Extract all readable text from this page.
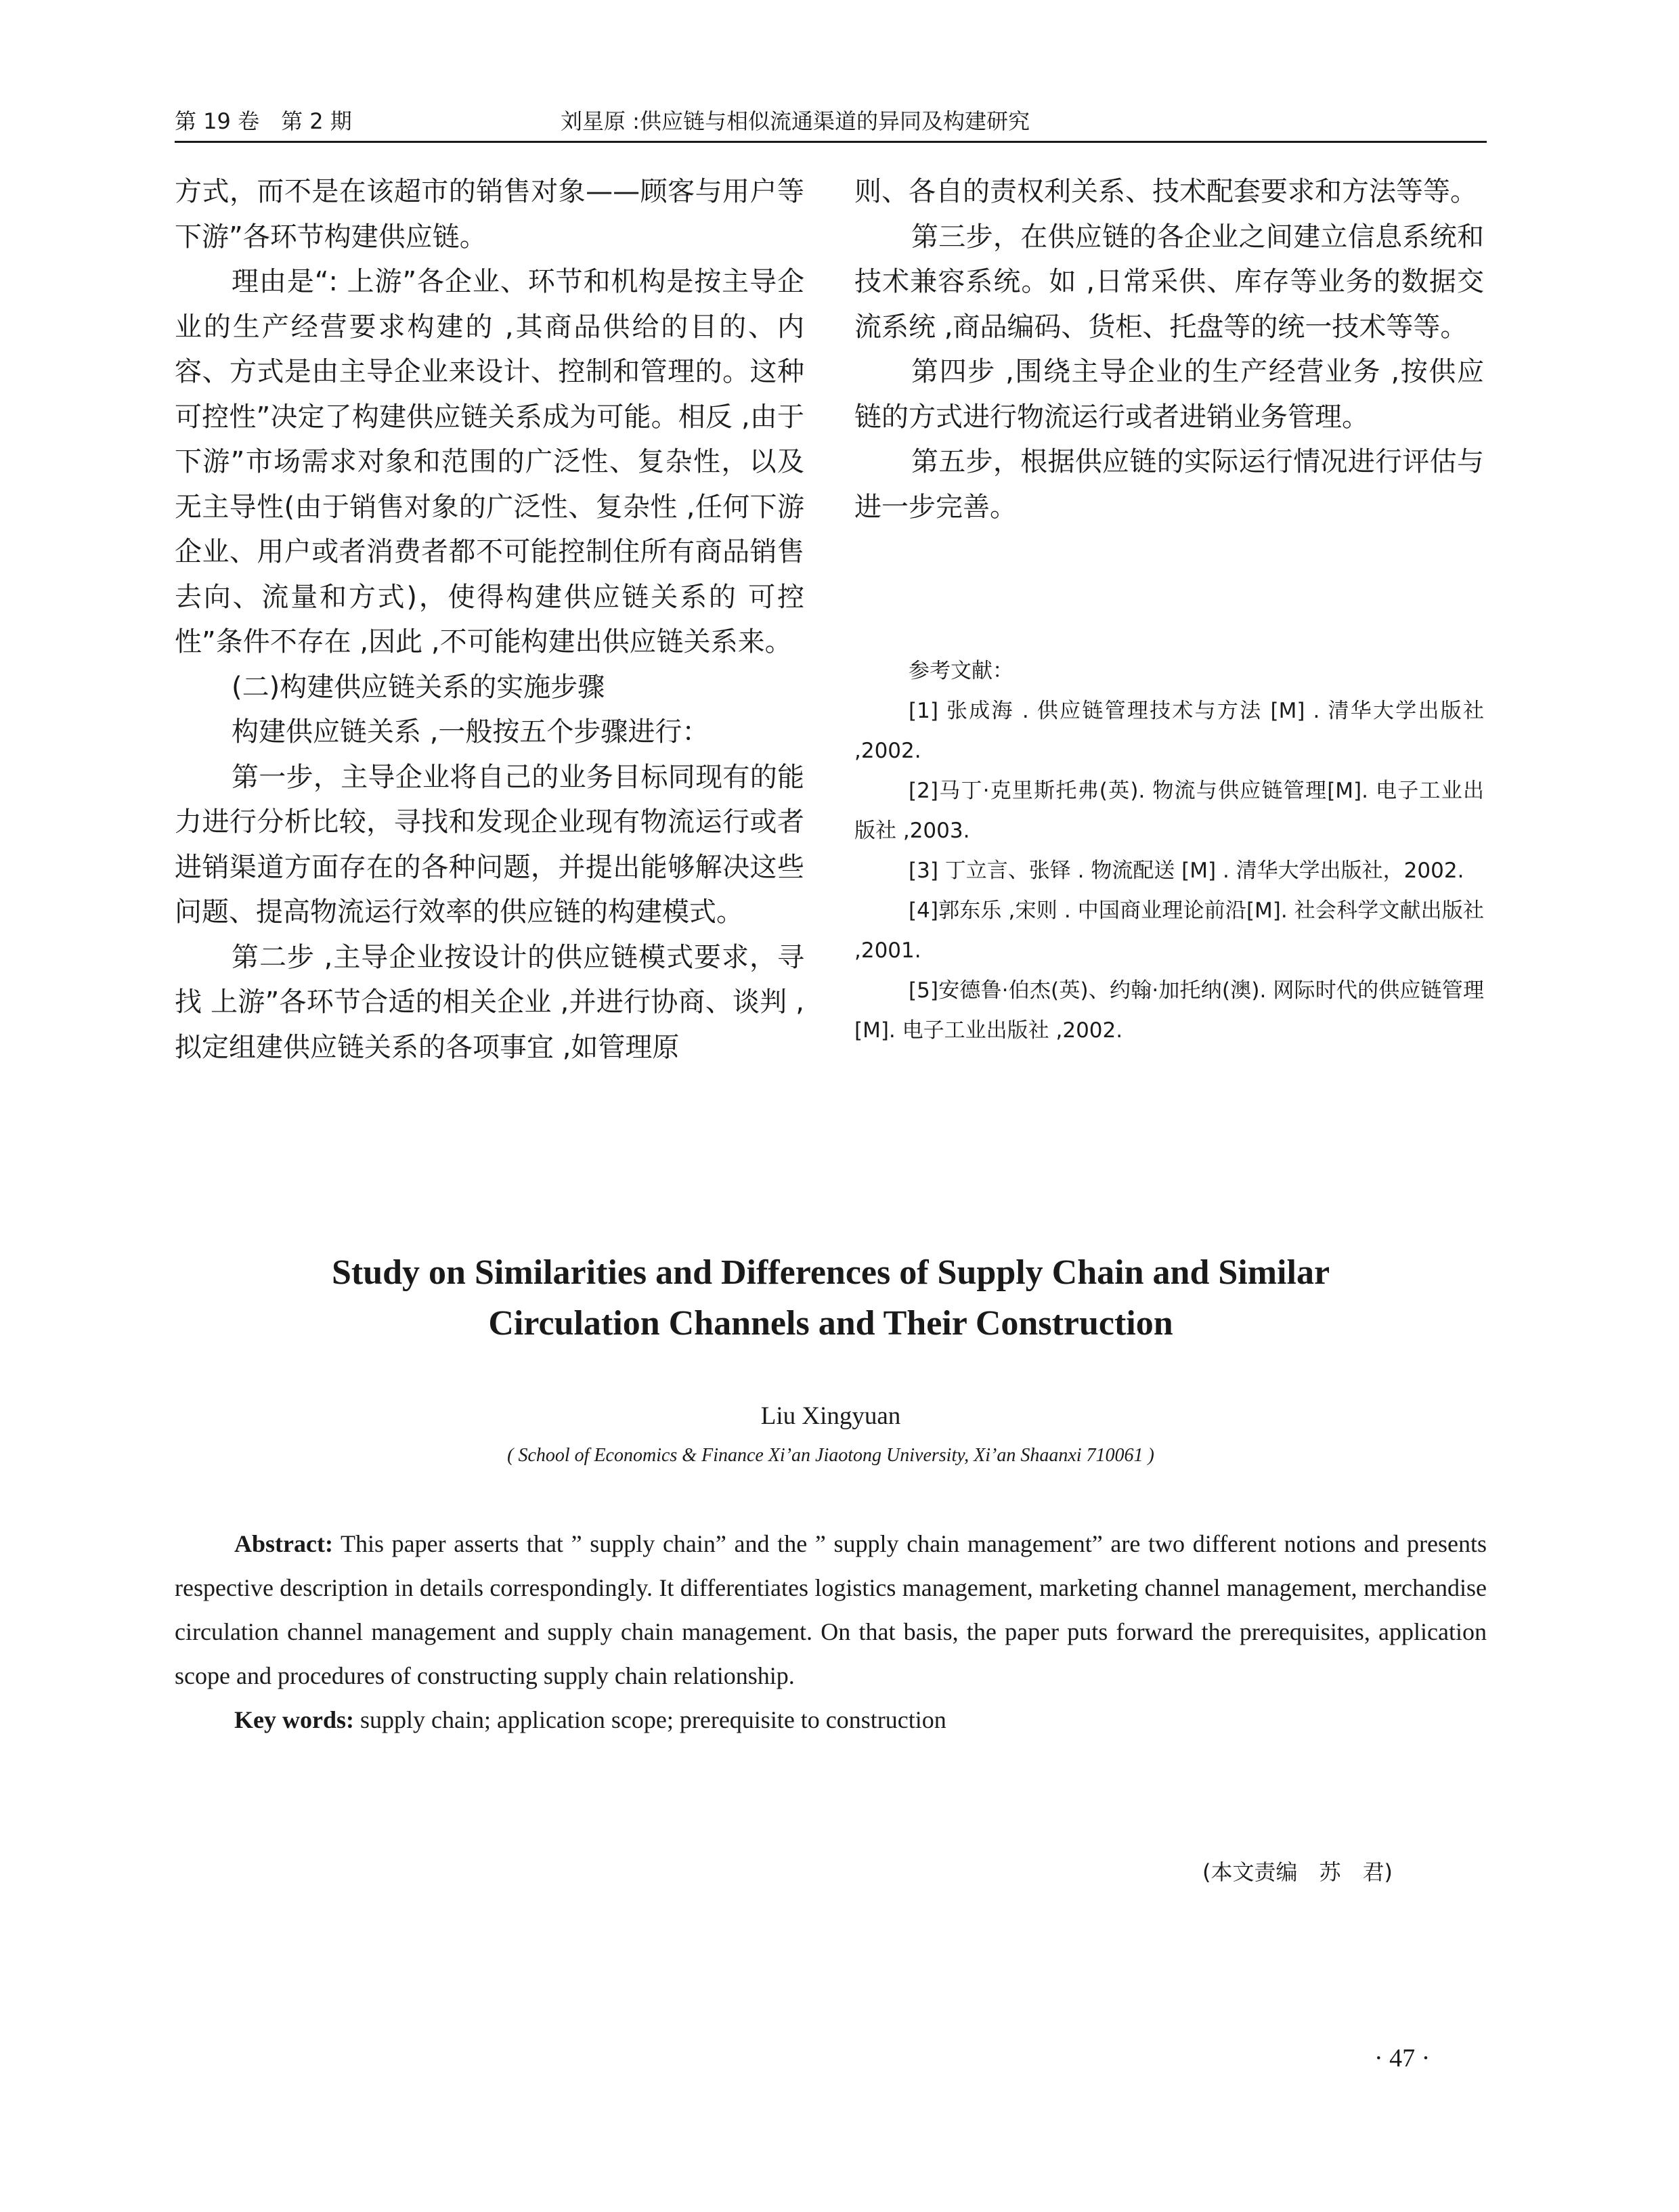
第 19 卷　第 2 期	刘星原 :供应链与相似流通渠道的异同及构建研究

方式，而不是在该超市的销售对象——顾客与用户等 下游”各环节构建供应链。

理由是“: 上游”各企业、环节和机构是按主导企业的生产经营要求构建的 ,其商品供给的目的、内容、方式是由主导企业来设计、控制和管理的。这种 可控性”决定了构建供应链关系成为可能。相反 ,由于 下游”市场需求对象和范围的广泛性、复杂性，以及无主导性(由于销售对象的广泛性、复杂性 ,任何下游企业、用户或者消费者都不可能控制住所有商品销售去向、流量和方式)，使得构建供应链关系的 可控性”条件不存在 ,因此 ,不可能构建出供应链关系来。

(二)构建供应链关系的实施步骤

构建供应链关系 ,一般按五个步骤进行：

第一步，主导企业将自己的业务目标同现有的能力进行分析比较，寻找和发现企业现有物流运行或者进销渠道方面存在的各种问题，并提出能够解决这些问题、提高物流运行效率的供应链的构建模式。

第二步 ,主导企业按设计的供应链模式要求，寻找 上游”各环节合适的相关企业 ,并进行协商、谈判 ,拟定组建供应链关系的各项事宜 ,如管理原

则、各自的责权利关系、技术配套要求和方法等等。

第三步，在供应链的各企业之间建立信息系统和技术兼容系统。如 ,日常采供、库存等业务的数据交流系统 ,商品编码、货柜、托盘等的统一技术等等。

第四步 ,围绕主导企业的生产经营业务 ,按供应链的方式进行物流运行或者进销业务管理。

第五步，根据供应链的实际运行情况进行评估与进一步完善。

参考文献：

[1] 张成海 . 供应链管理技术与方法 [M] . 清华大学出版社 ,2002.

[2]马丁·克里斯托弗(英). 物流与供应链管理[M]. 电子工业出版社 ,2003.

[3] 丁立言、张铎 . 物流配送 [M] . 清华大学出版社，2002.

[4]郭东乐 ,宋则 . 中国商业理论前沿[M]. 社会科学文献出版社 ,2001.

[5]安德鲁·伯杰(英)、约翰·加托纳(澳). 网际时代的供应链管理[M]. 电子工业出版社 ,2002.

Study on Similarities and Differences of Supply Chain and Similar
Circulation Channels and Their Construction
Liu Xingyuan
( School of Economics & Finance Xi’an Jiaotong University, Xi’an Shaanxi 710061 )

Abstract: This paper asserts that ” supply chain” and the ” supply chain management” are two different notions and presents respective description in details correspondingly. It differentiates logistics management, marketing channel management, merchandise circulation channel management and supply chain management. On that basis, the paper puts forward the prerequisites, application scope and procedures of constructing supply chain relationship.

Key words: supply chain; application scope; prerequisite to construction

(本文责编　苏　君)
· 47 ·
